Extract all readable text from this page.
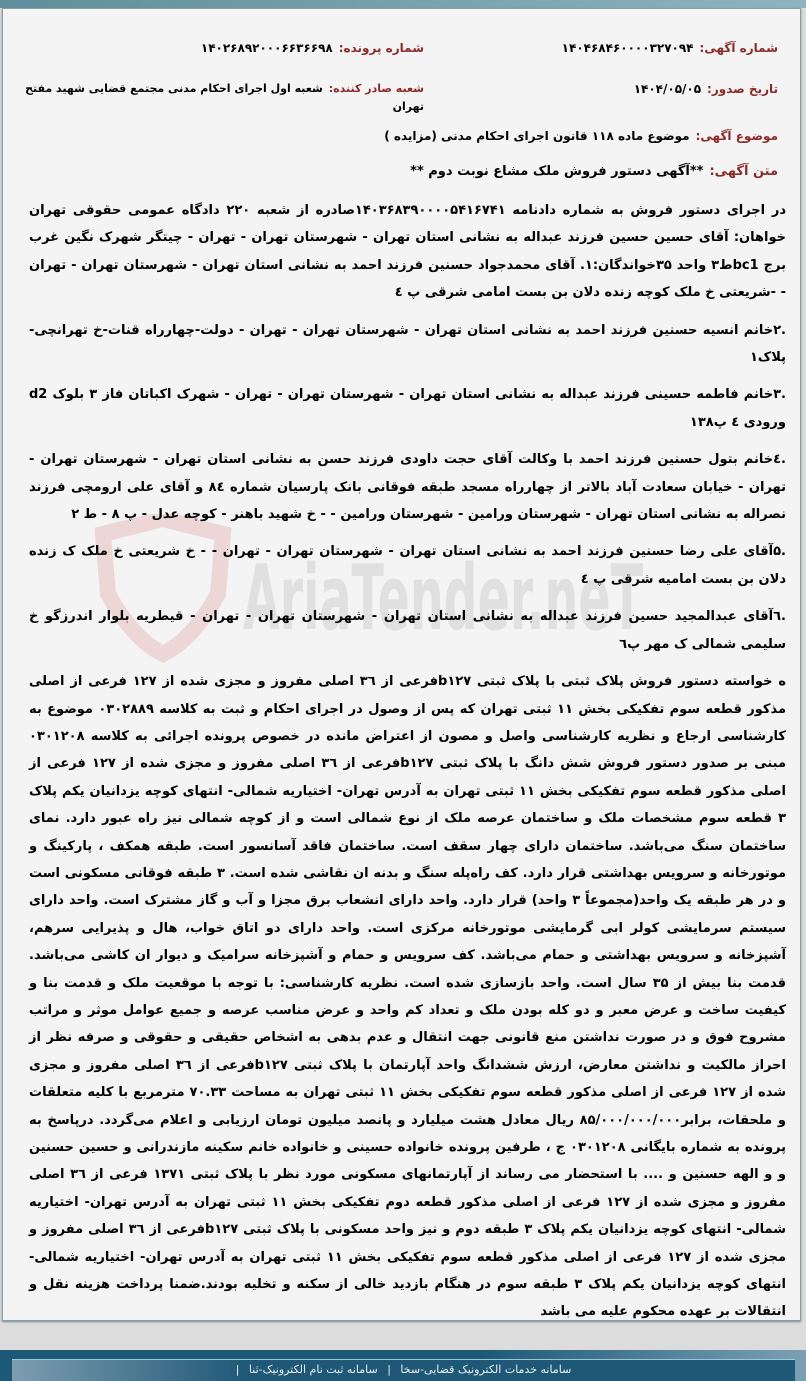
AriaTender.neT
شماره آگهی:۱۴۰۴۶۸۴۶۰۰۰۰۳۲۷۰۹۴
شماره پرونده:۱۴۰۲۶۸۹۲۰۰۰۶۶۳۶۶۹۸
تاریخ صدور:۱۴۰۴/۰۵/۰۵
شعبه صادر کننده:شعبه اول اجرای احکام مدنی مجتمع قضایی شهید مفتح تهران
موضوع آگهی:موضوع ماده ۱۱۸ قانون اجرای احکام مدنی (مزایده )
متن آگهی:**آگهی دستور فروش ملک مشاع نوبت دوم **

در اجرای دستور فروش به شماره دادنامه ۱۴۰۳۶۸۳۹۰۰۰۰۵۴۱۶۷۴۱صادره از شعبه ۲۲۰ دادگاه عمومی حقوقی تهران خواهان: آقای حسین حسین فرزند عبداله به نشانی استان تهران - شهرستان تهران - تهران - چیتگر شهرک نگین غرب برج bc1ط۳ واحد ۳۵خواندگان:۱. آقای محمدجواد حسنین فرزند احمد به نشانی استان تهران - شهرستان تهران - تهران - -شریعتی خ ملک کوچه زنده دلان بن بست امامی شرقی پ ٤

.۲خانم انسیه حسنین فرزند احمد به نشانی استان تهران - شهرستان تهران - تهران - دولت-چهارراه قنات-خ تهرانچی-پلاک۱

.۳خانم فاطمه حسینی فرزند عبداله به نشانی استان تهران - شهرستان تهران - تهران - شهرک اکباتان فاز ۳ بلوک d2 ورودی ٤ پ۱۳۸

.٤خانم بتول حسنین فرزند احمد با وکالت آقای حجت داودی فرزند حسن به نشانی استان تهران - شهرستان تهران - تهران - خیابان سعادت آباد بالاتر از چهارراه مسجد طبقه فوقانی بانک پارسیان شماره ۸٤ و آقای علی ارومچی فرزند نصراله به نشانی استان تهران - شهرستان ورامین - شهرستان ورامین - - خ شهید باهنر - کوچه عدل - پ ۸ - ط ۲

.۵آقای علی رضا حسنین فرزند احمد به نشانی استان تهران - شهرستان تهران - تهران - - خ شریعتی خ ملک ک زنده دلان بن بست امامیه شرقی پ ٤

.٦آقای عبدالمجید حسین فرزند عبداله به نشانی استان تهران - شهرستان تهران - تهران - قیطریه بلوار اندرزگو خ سلیمی شمالی ک مهر پ٦

ه خواسته دستور فروش پلاک ثبتی با پلاک ثبتی b۱۲۷فرعی از ۳٦ اصلی مفروز و مجزی شده از ۱۲۷ فرعی از اصلی مذکور قطعه سوم تفکیکی بخش ۱۱ ثبتی تهران که پس از وصول در اجرای احکام و ثبت به کلاسه ۰۳۰۲۸۸۹ موضوع به کارشناسی ارجاع و نظریه کارشناسی واصل و مصون از اعتراض مانده در خصوص پرونده اجرائی به کلاسه ۰۳۰۱۲۰۸ مبنی بر صدور دستور فروش شش دانگ با پلاک ثبتی b۱۲۷فرعی از ۳٦ اصلی مفروز و مجزی شده از ۱۲۷ فرعی از اصلی مذکور قطعه سوم تفکیکی بخش ۱۱ ثبتی تهران به آدرس تهران- اختیاریه شمالی- انتهای کوچه یزدانیان یکم پلاک ۳ قطعه سوم مشخصات ملک و ساختمان عرصه ملک از نوع شمالی است و از کوچه شمالی نیز راه عبور دارد. نمای ساختمان سنگ می‌باشد. ساختمان دارای چهار سقف است. ساختمان فاقد آسانسور است. طبقه همکف ، پارکینگ و موتورخانه و سرویس بهداشتی قرار دارد. کف راه‌پله سنگ و بدنه ان نقاشی شده است. ۳ طبقه فوقانی مسکونی است و در هر طبقه یک واحد(مجموعاً ۳ واحد) قرار دارد. واحد دارای انشعاب برق مجزا و آب و گاز مشترک است. واحد دارای سیستم سرمایشی کولر ابی گرمایشی موتورخانه مرکزی است. واحد دارای دو اتاق خواب، هال و پذیرایی سرهم، آشپزخانه و سرویس بهداشتی و حمام می‌باشد. کف سرویس و حمام و آشپزخانه سرامیک و دیوار ان کاشی می‌باشد. قدمت بنا بیش از ۳۵ سال است. واحد بازسازی شده است. نظریه کارشناسی: با توجه با موقعیت ملک و قدمت بنا و کیفیت ساخت و عرض معبر و دو کله بودن ملک و تعداد کم واحد و عرض مناسب عرصه و جمیع عوامل موثر و مراتب مشروح فوق و در صورت نداشتن منع قانونی جهت انتقال و عدم بدهی به اشخاص حقیقی و حقوقی و صرفه نظر از احراز مالکیت و نداشتن معارض، ارزش ششدانگ واحد آپارتمان با پلاک ثبتی b۱۲۷فرعی از ۳٦ اصلی مفروز و مجزی شده از ۱۲۷ فرعی از اصلی مذکور قطعه سوم تفکیکی بخش ۱۱ ثبتی تهران به مساحت ۷۰.۳۳ مترمربع با کلیه متعلقات و ملحقات، برابر۸۵/۰۰۰/۰۰۰/۰۰۰ ریال معادل هشت میلیارد و پانصد میلیون تومان ارزیابی و اعلام می‌گردد. درپاسخ به پرونده به شماره بایگانی ۰۳۰۱۲۰۸ ج ، طرفین پرونده خانواده حسینی و خانواده خانم سکینه مازندرانی و حسین حسنین و و الهه حسنین و .... با استحضار می رساند از آپارتمانهای مسکونی مورد نظر با پلاک ثبتی ۱۳۷۱ فرعی از ۳٦ اصلی مفروز و مجزی شده از ۱۲۷ فرعی از اصلی مذکور قطعه دوم تفکیکی بخش ۱۱ ثبتی تهران به آدرس تهران- اختیاریه شمالی- انتهای کوچه یزدانیان یکم پلاک ۳ طبقه دوم و نیز واحد مسکونی با پلاک ثبتی b۱۲۷فرعی از ۳٦ اصلی مفروز و مجزی شده از ۱۲۷ فرعی از اصلی مذکور قطعه سوم تفکیکی بخش ۱۱ ثبتی تهران به آدرس تهران- اختیاریه شمالی- انتهای کوچه یزدانیان یکم پلاک ۳ طبقه سوم در هنگام بازدید خالی از سکنه و تخلیه بودند.ضمنا پرداخت هزینه نقل و انتقالات بر عهده محکوم علیه می باشد

سامانه خدمات الکترونیک قضایی-سخا | سامانه ثبت نام الکترونیک-ثنا |
